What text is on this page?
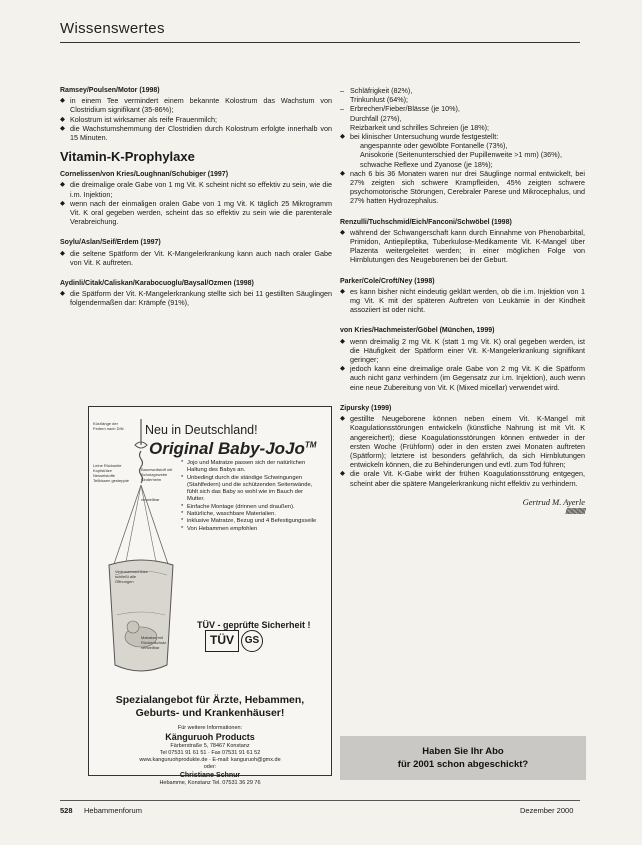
Wissenswertes
Ramsey/Poulsen/Motor (1998)
◆ in einem Tee vermindert einem bekannte Kolostrum das Wachstum von Clostridium signifikant (35-86%);
◆ Kolostrum ist wirksamer als reife Frauenmilch;
◆ die Wachstumshemmung der Clostridien durch Kolostrum erfolgte innerhalb von 15 Minuten.
Vitamin-K-Prophylaxe
Cornelissen/von Kries/Loughnan/Schubiger (1997)
◆ die dreimalige orale Gabe von 1 mg Vit. K scheint nicht so effektiv zu sein, wie die i.m. Injektion;
◆ wenn nach der einmaligen oralen Gabe von 1 mg Vit. K täglich 25 Mikrogramm Vit. K oral gegeben werden, scheint das so effektiv zu sein wie die parenterale Verabreichung.
Soylu/Aslan/Seif/Erdem (1997)
◆ die seltene Spätform der Vit. K-Mangelerkrankung kann auch nach oraler Gabe von Vit. K auftreten.
Aydinli/Citak/Caliskan/Karabocuoglu/Baysal/Ozmen (1998)
◆ die Spätform der Vit. K-Mangelerkrankung stellte sich bei 11 gestillten Säuglingen folgendermaßen dar: Krämpfe (91%),
– Schläfrigkeit (82%),
Trinkunlust (64%);
– Erbrechen/Fieber/Blässe (je 10%),
Durchfall (27%),
Reizbarkeit und schrilles Schreien (je 18%);
◆ bei klinischer Untersuchung wurde festgestellt:
angespannte oder gewölbte Fontanelle (73%),
Anisokorie (Seitenunterschied der Pupillenweite >1 mm) (36%),
schwache Reflexe und Zyanose (je 18%);
◆ nach 6 bis 36 Monaten waren nur drei Säuglinge normal entwickelt, bei 27% zeigten sich schwere Krampfleiden, 45% zeigten schwere psychomotorische Störungen, Cerebraler Parese und Mikrocephalus, und 27% hatten Hydrozephalus.
Renzulli/Tuchschmid/Eich/Fanconi/Schwöbel (1998)
◆ während der Schwangerschaft kann durch Einnahme von Phenobarbital, Primidon, Antiepileptika, Tuberkulose-Medikamente Vit. K-Mangel über Plazenta weitergeleitet werden; in einer möglichen Folge von Hirnblutungen des Neugeborenen bei der Geburt.
Parker/Cole/Croft/Ney (1998)
◆ es kann bisher nicht eindeutig geklärt werden, ob die i.m. Injektion von 1 mg Vit. K mit der späteren Auftreten von Leukämie in der Kindheit assoziiert ist oder nicht.
von Kries/Hachmeister/Göbel (München, 1999)
◆ wenn dreimalig 2 mg Vit. K (statt 1 mg Vit. K) oral gegeben werden, ist die Häufigkeit der Spätform einer Vit. K-Mangelerkrankung signifikant geringer;
◆ jedoch kann eine dreimalige orale Gabe von 2 mg Vit. K die Spätform auch nicht ganz verhindern (im Gegensatz zur i.m. Injektion), auch wenn eine neue Zubereitung von Vit. K (Mixed micellar) verwendet wird.
Zipursky (1999)
◆ gestillte Neugeborene können neben einem Vit. K-Mangel mit Koagulationsstörungen entwickeln (künstliche Nahrung ist mit Vit. K angereichert); diese Koagulationsstörungen können entweder in der ersten Woche (Frühform) oder in den ersten zwei Monaten auftreten (Spätform); letztere ist besonders gefährlich, da sich Hirnblutungen entwickeln können, die zu Behinderungen und evtl. zum Tod führen;
◆ die orale Vit. K-Gabe wirkt der frühen Koagulationsstörung entgegen, scheint aber die spätere Mangelerkrankung nicht effektiv zu verhindern.
Gertrud M. Ayerle
////////////////
Kürzlänge der Federn nach DIN
Leine Rückseite Kopfstütze Nesselstoffe Teilkissen gesteppte
Baumwollstoff mit Schutzgewebe Kinderheim
verstellbar
Vertrauensschluss schließt alle Öffnungen
Matratze mit Rückenschutz verstellbar
Neu in Deutschland!
Original Baby-JoJo™
* Jojo und Matratze passen sich der natürlichen Haltung des Babys an.
* Unbedingt durch die ständige Schwingungen (Stahlfedern) und die schützenden Seitenwände, fühlt sich das Baby so wohl wie im Bauch der Mutter.
* Einfache Montage (drinnen und draußen).
* Natürliche, waschbare Materialien.
* inklusive Matratze, Bezug und 4 Befestigungsseile
* Von Hebammen empfohlen
TÜV - geprüfte Sicherheit !
TÜV	GS
Spezialangebot für Ärzte, Hebammen,
Geburts- und Krankenhäuser!
Für weitere Informationen:
Känguruoh Products
Färberstraße 5, 78467 Konstanz
Tel 07531 91 61 51 · Fax 07531 91 61 52
www.kanguruohprodukte.de · E-mail: kanguruoh@gmx.de
oder:
Christiane Schnur
Hebamme, Konstanz Tel. 07531 36 29 76
Haben Sie Ihr Abo
für 2001 schon abgeschickt?
528 Hebammenforum	Dezember 2000
